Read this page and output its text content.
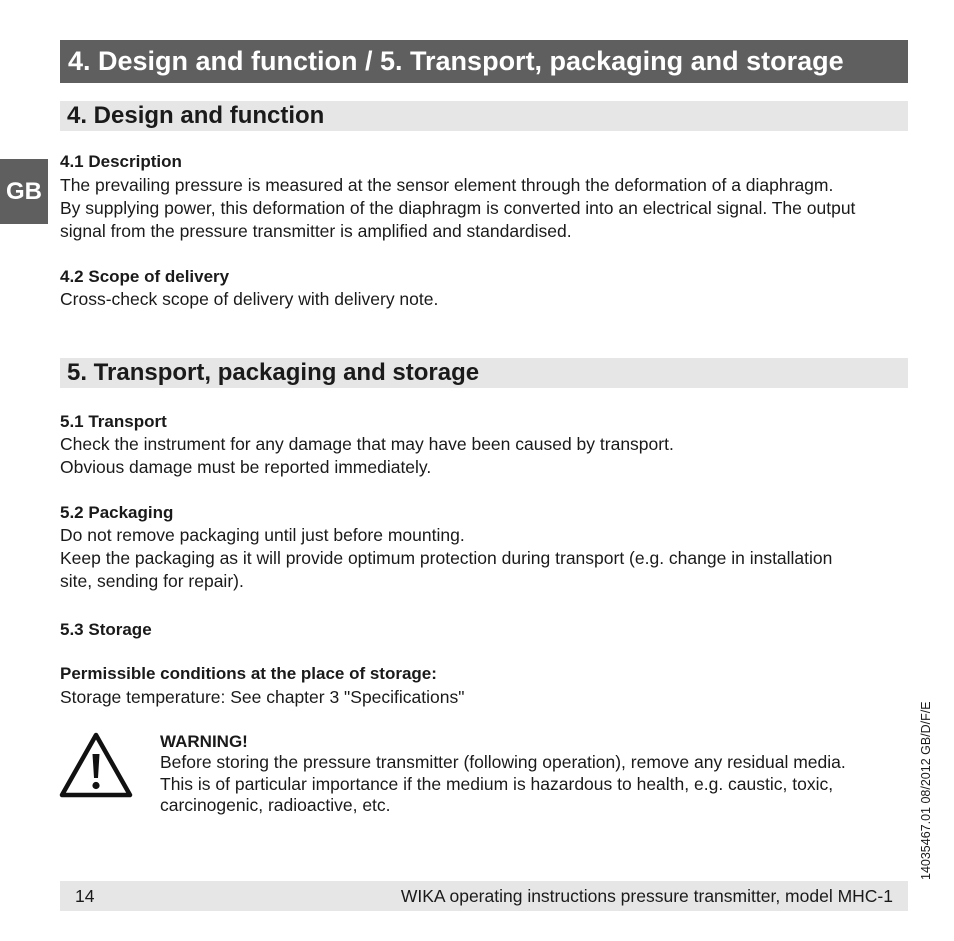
4. Design and function / 5. Transport, packaging and storage
GB
4. Design and function
4.1 Description

The prevailing pressure is measured at the sensor element through the deformation of a diaphragm.
By supplying power, this deformation of the diaphragm is converted into an electrical signal. The output
signal from the pressure transmitter is amplified and standardised.

4.2 Scope of delivery

Cross-check scope of delivery with delivery note.

5. Transport, packaging and storage
5.1 Transport

Check the instrument for any damage that may have been caused by transport.
Obvious damage must be reported immediately.

5.2 Packaging

Do not remove packaging until just before mounting.
Keep the packaging as it will provide optimum protection during transport (e.g. change in installation
site, sending for repair).

5.3 Storage
Permissible conditions at the place of storage:

Storage temperature: See chapter 3 "Specifications"

WARNING!

Before storing the pressure transmitter (following operation), remove any residual media.
This is of particular importance if the medium is hazardous to health, e.g. caustic, toxic,
carcinogenic, radioactive, etc.	14035467.01 08/2012 GB/D/F/E
14	WIKA operating instructions pressure transmitter, model MHC-1
